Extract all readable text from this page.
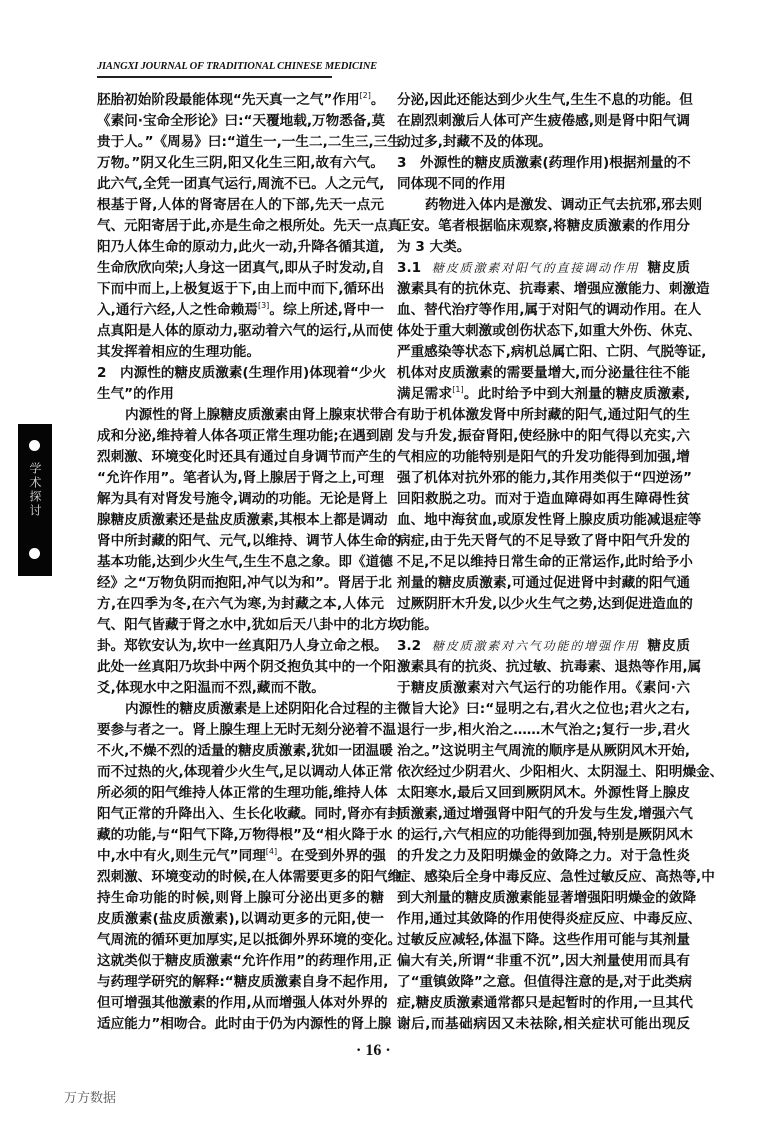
JIANGXI JOURNAL OF TRADITIONAL CHINESE MEDICINE
学术探讨
胚胎初始阶段最能体现“先天真一之气”作用[2]。
《素问·宝命全形论》曰:“天覆地载,万物悉备,莫
贵于人。”《周易》曰:“道生一,一生二,二生三,三生
万物。”阴又化生三阴,阳又化生三阳,故有六气。
此六气,全凭一团真气运行,周流不已。人之元气,
根基于肾,人体的肾寄居在人的下部,先天一点元
气、元阳寄居于此,亦是生命之根所处。先天一点真
阳乃人体生命的原动力,此火一动,升降各循其道,
生命欣欣向荣;人身这一团真气,即从子时发动,自
下而中而上,上极复返于下,由上而中而下,循环出
入,通行六经,人之性命赖焉[3]。综上所述,肾中一
点真阳是人体的原动力,驱动着六气的运行,从而使
其发挥着相应的生理功能。
2　内源性的糖皮质激素(生理作用)体现着“少火
生气”的作用
内源性的肾上腺糖皮质激素由肾上腺束状带合
成和分泌,维持着人体各项正常生理功能;在遇到剧
烈刺激、环境变化时还具有通过自身调节而产生的
“允许作用”。笔者认为,肾上腺居于肾之上,可理
解为具有对肾发号施令,调动的功能。无论是肾上
腺糖皮质激素还是盐皮质激素,其根本上都是调动
肾中所封藏的阳气、元气,以维持、调节人体生命的
基本功能,达到少火生气,生生不息之象。即《道德
经》之“万物负阴而抱阳,冲气以为和”。肾居于北
方,在四季为冬,在六气为寒,为封藏之本,人体元
气、阳气皆藏于肾之水中,犹如后天八卦中的北方坎
卦。郑钦安认为,坎中一丝真阳乃人身立命之根。
此处一丝真阳乃坎卦中两个阴爻抱负其中的一个阳
爻,体现水中之阳温而不烈,藏而不散。
内源性的糖皮质激素是上述阴阳化合过程的主
要参与者之一。肾上腺生理上无时无刻分泌着不温
不火,不燥不烈的适量的糖皮质激素,犹如一团温暖
而不过热的火,体现着少火生气,足以调动人体正常
所必须的阳气维持人体正常的生理功能,维持人体
阳气正常的升降出入、生长化收藏。同时,肾亦有封
藏的功能,与“阳气下降,万物得根”及“相火降于水
中,水中有火,则生元气”同理[4]。在受到外界的强
烈刺激、环境变动的时候,在人体需要更多的阳气维
持生命功能的时候,则肾上腺可分泌出更多的糖
皮质激素(盐皮质激素),以调动更多的元阳,使一
气周流的循环更加厚实,足以抵御外界环境的变化。
这就类似于糖皮质激素“允许作用”的药理作用,正
与药理学研究的解释:“糖皮质激素自身不起作用,
但可增强其他激素的作用,从而增强人体对外界的
适应能力”相吻合。此时由于仍为内源性的肾上腺
分泌,因此还能达到少火生气,生生不息的功能。但
在剧烈刺激后人体可产生疲倦感,则是肾中阳气调
动过多,封藏不及的体现。
3　外源性的糖皮质激素(药理作用)根据剂量的不
同体现不同的作用
药物进入体内是激发、调动正气去抗邪,邪去则
正安。笔者根据临床观察,将糖皮质激素的作用分
为 3 大类。
3.1 糖皮质激素对阳气的直接调动作用 糖皮质
激素具有的抗休克、抗毒素、增强应激能力、刺激造
血、替代治疗等作用,属于对阳气的调动作用。在人
体处于重大刺激或创伤状态下,如重大外伤、休克、
严重感染等状态下,病机总属亡阳、亡阴、气脱等证,
机体对皮质激素的需要量增大,而分泌量往往不能
满足需求[1]。此时给予中到大剂量的糖皮质激素,
有助于机体激发肾中所封藏的阳气,通过阳气的生
发与升发,振奋肾阳,使经脉中的阳气得以充实,六
气相应的功能特别是阳气的升发功能得到加强,增
强了机体对抗外邪的能力,其作用类似于“四逆汤”
回阳救脱之功。而对于造血障碍如再生障碍性贫
血、地中海贫血,或原发性肾上腺皮质功能减退症等
病症,由于先天肾气的不足导致了肾中阳气升发的
不足,不足以维持日常生命的正常运作,此时给予小
剂量的糖皮质激素,可通过促进肾中封藏的阳气通
过厥阴肝木升发,以少火生气之势,达到促进造血的
功能。
3.2 糖皮质激素对六气功能的增强作用 糖皮质
激素具有的抗炎、抗过敏、抗毒素、退热等作用,属
于糖皮质激素对六气运行的功能作用。《素问·六
微旨大论》曰:“显明之右,君火之位也;君火之右,
退行一步,相火治之……木气治之;复行一步,君火
治之。”这说明主气周流的顺序是从厥阴风木开始,
依次经过少阴君火、少阳相火、太阴湿土、阳明燥金、
太阳寒水,最后又回到厥阴风木。外源性肾上腺皮
质激素,通过增强肾中阳气的升发与生发,增强六气
的运行,六气相应的功能得到加强,特别是厥阴风木
的升发之力及阳明燥金的敛降之力。对于急性炎
症、感染后全身中毒反应、急性过敏反应、高热等,中
到大剂量的糖皮质激素能显著增强阳明燥金的敛降
作用,通过其敛降的作用使得炎症反应、中毒反应、
过敏反应减轻,体温下降。这些作用可能与其剂量
偏大有关,所谓“非重不沉”,因大剂量使用而具有
了“重镇敛降”之意。但值得注意的是,对于此类病
症,糖皮质激素通常都只是起暂时的作用,一旦其代
谢后,而基础病因又未祛除,相关症状可能出现反
· 16 ·
万方数据
